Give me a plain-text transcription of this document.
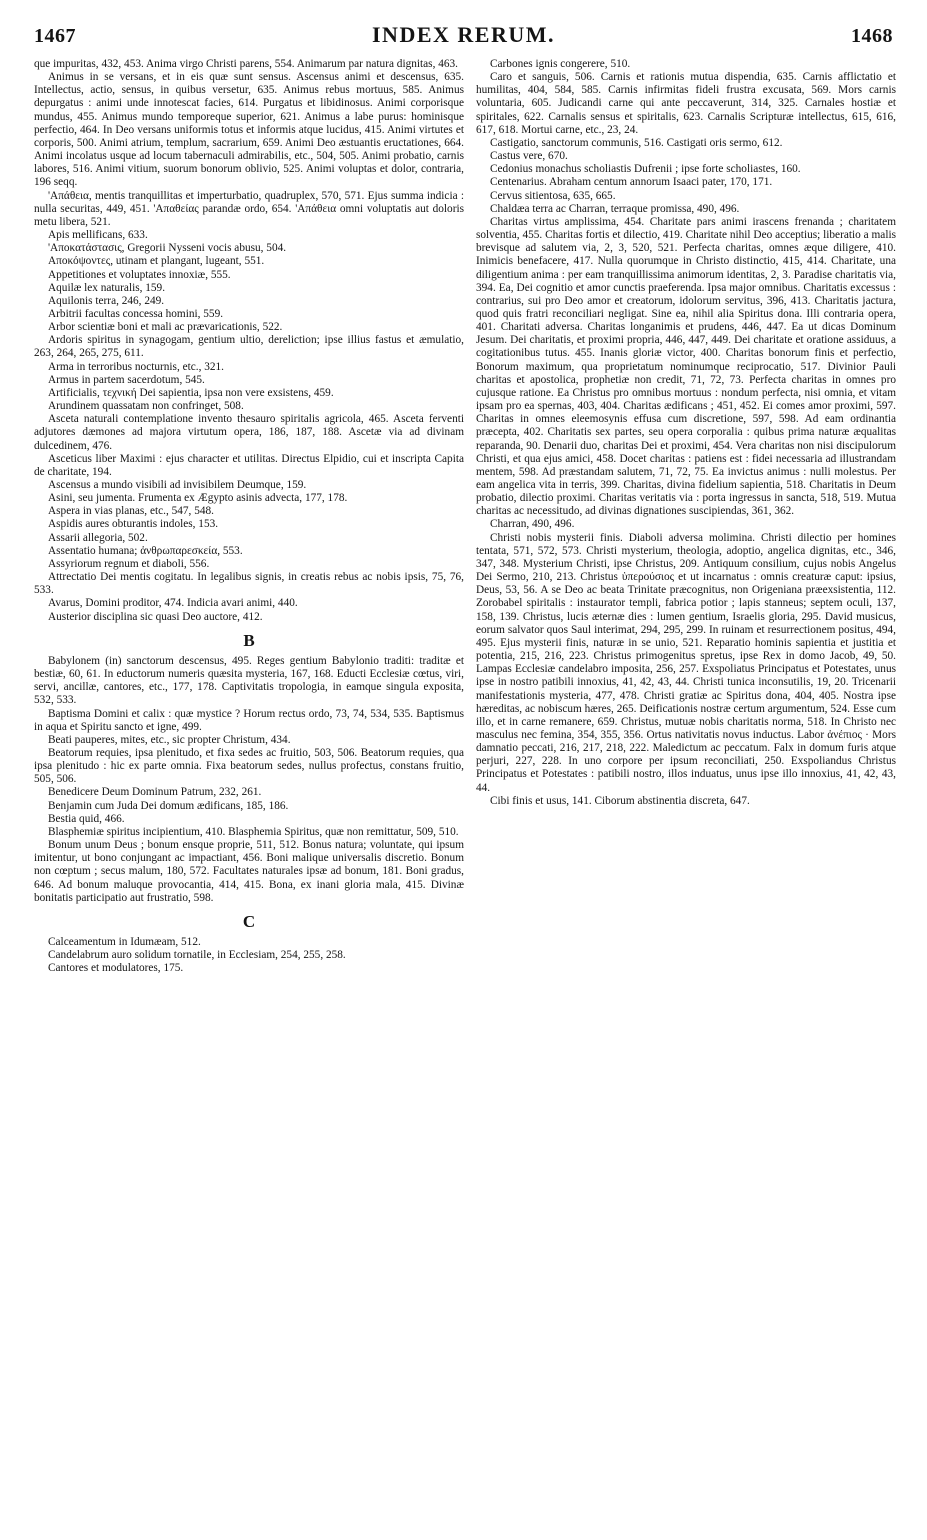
1467	INDEX RERUM.	1468

que impuritas, 432, 453. Anima virgo Christi parens, 554. Animarum par natura dignitas, 463.

Animus in se versans, et in eis quæ sunt sensus. Ascensus animi et descensus, 635. Intellectus, actio, sensus, in quibus versetur, 635. Animus rebus mortuus, 585. Animus depurgatus : animi unde innotescat facies, 614. Purgatus et libidinosus. Animi corporisque mundus, 455. Animus mundo temporeque superior, 621. Animus a labe purus: hominisque perfectio, 464. In Deo versans uniformis totus et informis atque lucidus, 415. Animi virtutes et corporis, 500. Animi atrium, templum, sacrarium, 659. Animi Deo æstuantis eructationes, 664. Animi incolatus usque ad locum tabernaculi admirabilis, etc., 504, 505. Animi probatio, carnis labores, 516. Animi vitium, suorum bonorum oblivio, 525. Animi voluptas et dolor, contraria, 196 seqq.

'Απάθεια, mentis tranquillitas et imperturbatio, quadruplex, 570, 571. Ejus summa indicia : nulla securitas, 449, 451. 'Απαθείας parandæ ordo, 654. 'Απάθεια omni voluptatis aut doloris metu libera, 521.

Apis mellificans, 633.

'Αποκατάστασις, Gregorii Nysseni vocis abusu, 504.

Αποκόψοντες, utinam et plangant, lugeant, 551.

Appetitiones et voluptates innoxiæ, 555.

Aquilæ lex naturalis, 159.

Aquilonis terra, 246, 249.

Arbitrii facultas concessa homini, 559.

Arbor scientiæ boni et mali ac prævaricationis, 522.

Ardoris spiritus in synagogam, gentium ultio, dereliction; ipse illius fastus et æmulatio, 263, 264, 265, 275, 611.

Arma in terroribus nocturnis, etc., 321.

Armus in partem sacerdotum, 545.

Artificialis, τεχνική Dei sapientia, ipsa non vere exsistens, 459.

Arundinem quassatam non confringet, 508.

Asceta naturali contemplatione invento thesauro spiritalis agricola, 465. Asceta ferventi adjutores dæmones ad majora virtutum opera, 186, 187, 188. Ascetæ via ad divinam dulcedinem, 476.

Asceticus liber Maximi : ejus character et utilitas. Directus Elpidio, cui et inscripta Capita de charitate, 194.

Ascensus a mundo visibili ad invisibilem Deumque, 159.

Asini, seu jumenta. Frumenta ex Ægypto asinis advecta, 177, 178.

Aspera in vias planas, etc., 547, 548.

Aspidis aures obturantis indoles, 153.

Assarii allegoria, 502.

Assentatio humana; ἀνθρωπαρεσκεία, 553.

Assyriorum regnum et diaboli, 556.

Attrectatio Dei mentis cogitatu. In legalibus signis, in creatis rebus ac nobis ipsis, 75, 76, 533.

Avarus, Domini proditor, 474. Indicia avari animi, 440.

Austerior disciplina sic quasi Deo auctore, 412.

B

Babylonem (in) sanctorum descensus, 495. Reges gentium Babylonio traditi: traditæ et bestiæ, 60, 61. In eductorum numeris quæsita mysteria, 167, 168. Educti Ecclesiæ cœtus, viri, servi, ancillæ, cantores, etc., 177, 178. Captivitatis tropologia, in eamque singula exposita, 532, 533.

Baptisma Domini et calix : quæ mystice ? Horum rectus ordo, 73, 74, 534, 535. Baptismus in aqua et Spiritu sancto et igne, 499.

Beati pauperes, mites, etc., sic propter Christum, 434.

Beatorum requies, ipsa plenitudo, et fixa sedes ac fruitio, 503, 506. Beatorum requies, qua ipsa plenitudo : hic ex parte omnia. Fixa beatorum sedes, nullus profectus, constans fruitio, 505, 506.

Benedicere Deum Dominum Patrum, 232, 261.

Benjamin cum Juda Dei domum ædificans, 185, 186.

Bestia quid, 466.

Blasphemiæ spiritus incipientium, 410. Blasphemia Spiritus, quæ non remittatur, 509, 510.

Bonum unum Deus ; bonum ensque proprie, 511, 512. Bonus natura; voluntate, qui ipsum imitentur, ut bono conjungant ac impactiant, 456. Boni malique universalis discretio. Bonum non cœptum ; secus malum, 180, 572. Facultates naturales ipsæ ad bonum, 181. Boni gradus, 646. Ad bonum maluque provocantia, 414, 415. Bona, ex inani gloria mala, 415. Divinæ bonitatis participatio aut frustratio, 598.

C

Calceamentum in Idumæam, 512.

Candelabrum auro solidum tornatile, in Ecclesiam, 254, 255, 258.

Cantores et modulatores, 175.

Carbones ignis congerere, 510.

Caro et sanguis, 506. Carnis et rationis mutua dispendia, 635. Carnis afflictatio et humilitas, 404, 584, 585. Carnis infirmitas fideli frustra excusata, 569. Mors carnis voluntaria, 605. Judicandi carne qui ante peccaverunt, 314, 325. Carnales hostiæ et spiritales, 622. Carnalis sensus et spiritalis, 623. Carnalis Scripturæ intellectus, 615, 616, 617, 618. Mortui carne, etc., 23, 24.

Castigatio, sanctorum communis, 516. Castigati oris sermo, 612.

Castus vere, 670.

Cedonius monachus scholiastis Dufrenii ; ipse forte scholiastes, 160.

Centenarius. Abraham centum annorum Isaaci pater, 170, 171.

Cervus sitientosa, 635, 665.

Chaldæa terra ac Charran, terraque promissa, 490, 496.

Charitas virtus amplissima, 454. Charitate pars animi irascens frenanda ; charitatem solventia, 455. Charitas fortis et dilectio, 419. Charitate nihil Deo acceptius; liberatio a malis brevisque ad salutem via, 2, 3, 520, 521. Perfecta charitas, omnes æque diligere, 410. Inimicis benefacere, 417. Nulla quorumque in Christo distinctio, 415, 414. Charitate, una diligentium anima : per eam tranquillissima animorum identitas, 2, 3. Paradise charitatis via, 394. Ea, Dei cognitio et amor cunctis praeferenda. Ipsa major omnibus. Charitatis excessus : contrarius, sui pro Deo amor et creatorum, idolorum servitus, 396, 413. Charitatis jactura, quod quis fratri reconciliari negligat. Sine ea, nihil alia Spiritus dona. Illi contraria opera, 401. Charitati adversa. Charitas longanimis et prudens, 446, 447. Ea ut dicas Dominum Jesum. Dei charitatis, et proximi propria, 446, 447, 449. Dei charitate et oratione assiduus, a cogitationibus tutus. 455. Inanis gloriæ victor, 400. Charitas bonorum finis et perfectio, Bonorum maximum, qua proprietatum nominumque reciprocatio, 517. Divinior Pauli charitas et apostolica, prophetiæ non credit, 71, 72, 73. Perfecta charitas in omnes pro cujusque ratione. Ea Christus pro omnibus mortuus : nondum perfecta, nisi omnia, et vitam ipsam pro ea spernas, 403, 404. Charitas ædificans ; 451, 452. Ei comes amor proximi, 597. Charitas in omnes eleemosynis effusa cum discretione, 597, 598. Ad eam ordinantia præcepta, 402. Charitatis sex partes, seu opera corporalia : quibus prima naturæ æqualitas reparanda, 90. Denarii duo, charitas Dei et proximi, 454. Vera charitas non nisi discipulorum Christi, et qua ejus amici, 458. Docet charitas : patiens est : fidei necessaria ad illustrandam mentem, 598. Ad præstandam salutem, 71, 72, 75. Ea invictus animus : nulli molestus. Per eam angelica vita in terris, 399. Charitas, divina fidelium sapientia, 518. Charitatis in Deum probatio, dilectio proximi. Charitas veritatis via : porta ingressus in sancta, 518, 519. Mutua charitas ac necessitudo, ad divinas dignationes suscipiendas, 361, 362.

Charran, 490, 496.

Christi nobis mysterii finis. Diaboli adversa molimina. Christi dilectio per homines tentata, 571, 572, 573. Christi mysterium, theologia, adoptio, angelica dignitas, etc., 346, 347, 348. Mysterium Christi, ipse Christus, 209. Antiquum consilium, cujus nobis Angelus Dei Sermo, 210, 213. Christus ὑπερούσιος et ut incarnatus : omnis creaturæ caput: ipsius, Deus, 53, 56. A se Deo ac beata Trinitate præcognitus, non Origeniana præexsistentia, 112. Zorobabel spiritalis : instaurator templi, fabrica potior ; lapis stanneus; septem oculi, 137, 158, 139. Christus, lucis æternæ dies : lumen gentium, Israelis gloria, 295. David musicus, eorum salvator quos Saul interimat, 294, 295, 299. In ruinam et resurrectionem positus, 494, 495. Ejus mysterii finis, naturæ in se unio, 521. Reparatio hominis sapientia et justitia et potentia, 215, 216, 223. Christus primogenitus spretus, ipse Rex in domo Jacob, 49, 50. Lampas Ecclesiæ candelabro imposita, 256, 257. Exspoliatus Principatus et Potestates, unus ipse in nostro patibili innoxius, 41, 42, 43, 44. Christi tunica inconsutilis, 19, 20. Tricenarii manifestationis mysteria, 477, 478. Christi gratiæ ac Spiritus dona, 404, 405. Nostra ipse hæreditas, ac nobiscum hæres, 265. Deificationis nostræ certum argumentum, 524. Esse cum illo, et in carne remanere, 659. Christus, mutuæ nobis charitatis norma, 518. In Christo nec masculus nec femina, 354, 355, 356. Ortus nativitatis novus inductus. Labor ἀνέπιος · Mors damnatio peccati, 216, 217, 218, 222. Maledictum ac peccatum. Falx in domum furis atque perjuri, 227, 228. In uno corpore per ipsum reconciliati, 250. Exspoliandus Christus Principatus et Potestates : patibili nostro, illos induatus, unus ipse illo innoxius, 41, 42, 43, 44.

Cibi finis et usus, 141. Ciborum abstinentia discreta, 647.
